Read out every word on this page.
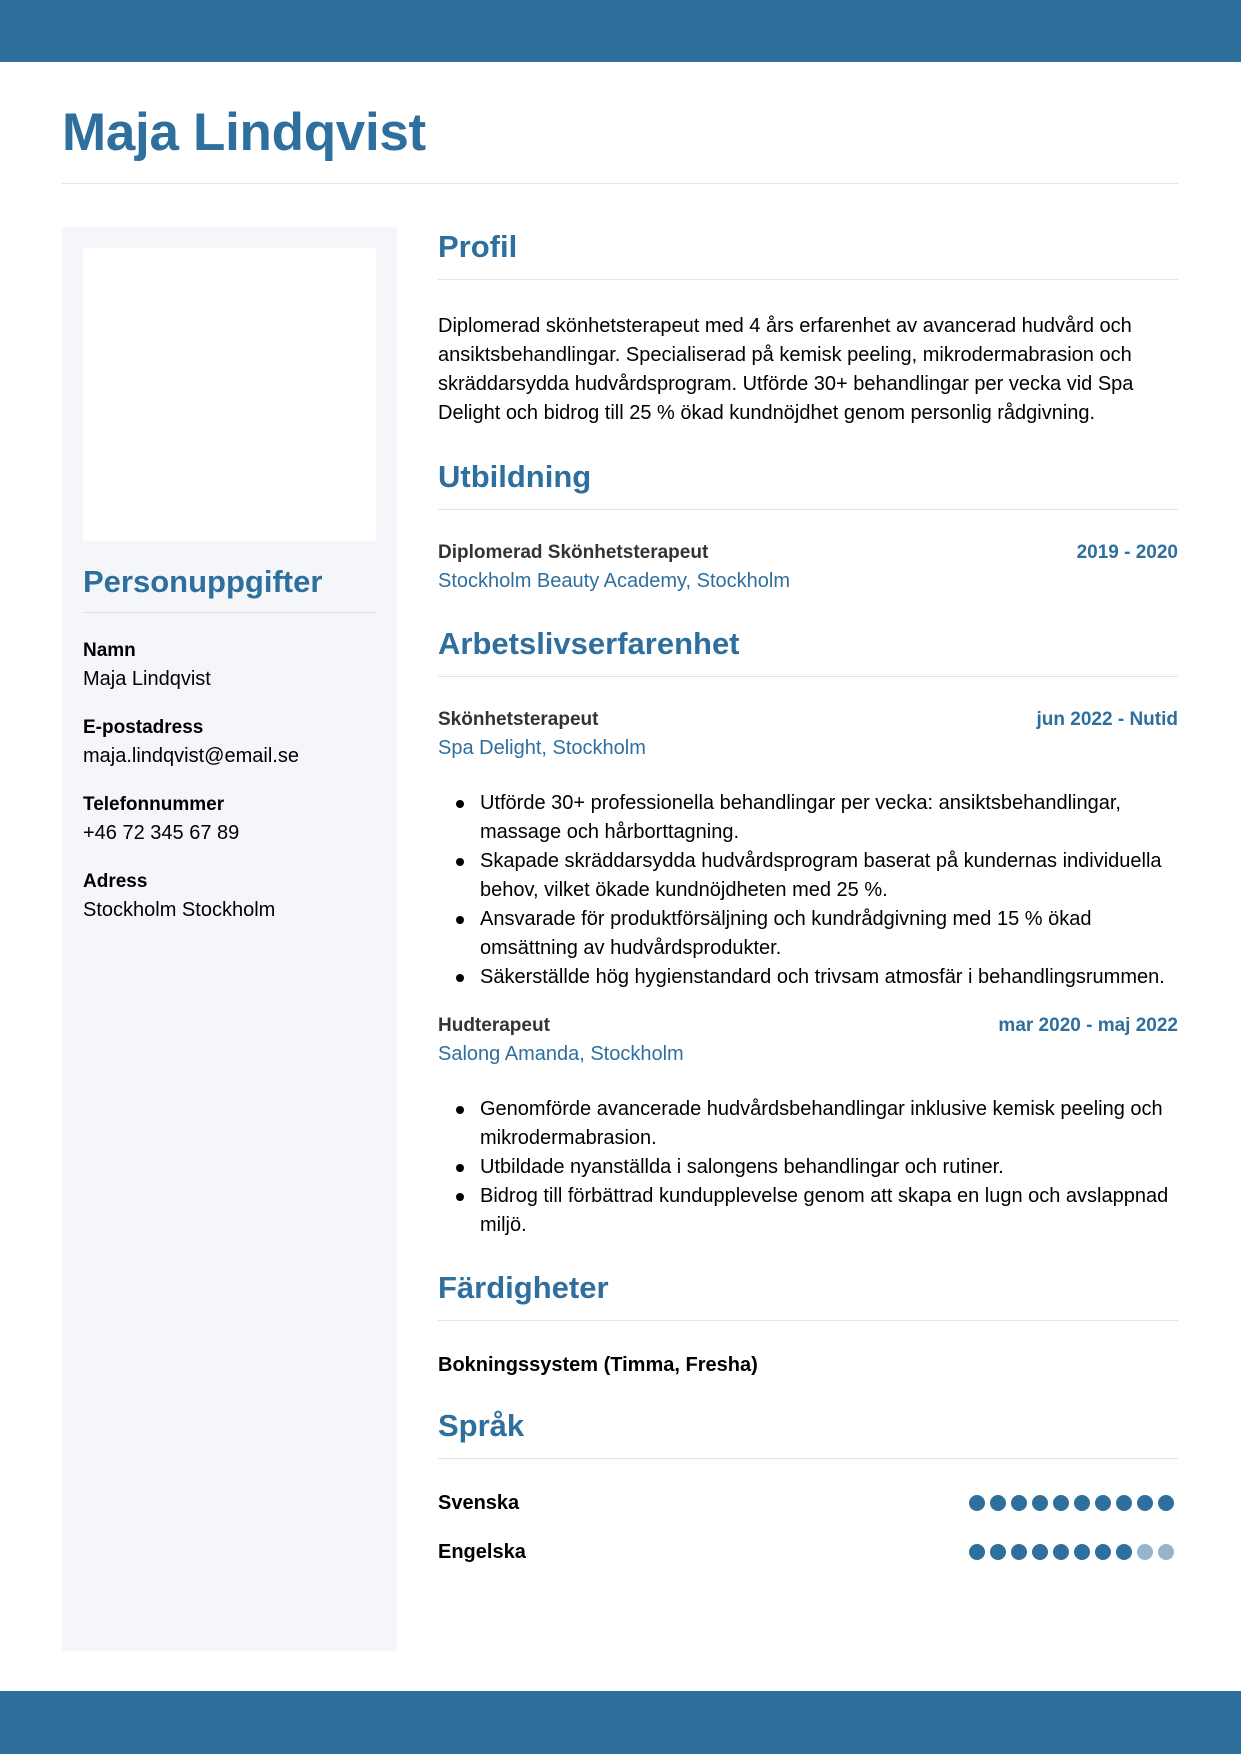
Maja Lindqvist
Personuppgifter
Namn
Maja Lindqvist
E-postadress
maja.lindqvist@email.se
Telefonnummer
+46 72 345 67 89
Adress
Stockholm Stockholm
Profil

Diplomerad skönhetsterapeut med 4 års erfarenhet av avancerad hudvård och ansiktsbehandlingar. Specialiserad på kemisk peeling, mikrodermabrasion och skräddarsydda hudvårdsprogram. Utförde 30+ behandlingar per vecka vid Spa Delight och bidrog till 25 % ökad kundnöjdhet genom personlig rådgivning.

Utbildning
Diplomerad Skönhetsterapeut	2019 - 2020
Stockholm Beauty Academy, Stockholm
Arbetslivserfarenhet
Skönhetsterapeut	jun 2022 - Nutid
Spa Delight, Stockholm
Utförde 30+ professionella behandlingar per vecka: ansiktsbehandlingar, massage och hårborttagning.
Skapade skräddarsydda hudvårdsprogram baserat på kundernas individuella behov, vilket ökade kundnöjdheten med 25 %.
Ansvarade för produktförsäljning och kundrådgivning med 15 % ökad omsättning av hudvårdsprodukter.
Säkerställde hög hygienstandard och trivsam atmosfär i behandlingsrummen.
Hudterapeut	mar 2020 - maj 2022
Salong Amanda, Stockholm
Genomförde avancerade hudvårdsbehandlingar inklusive kemisk peeling och mikrodermabrasion.
Utbildade nyanställda i salongens behandlingar och rutiner.
Bidrog till förbättrad kundupplevelse genom att skapa en lugn och avslappnad miljö.
Färdigheter
Bokningssystem (Timma, Fresha)
Språk
Svenska
Engelska
